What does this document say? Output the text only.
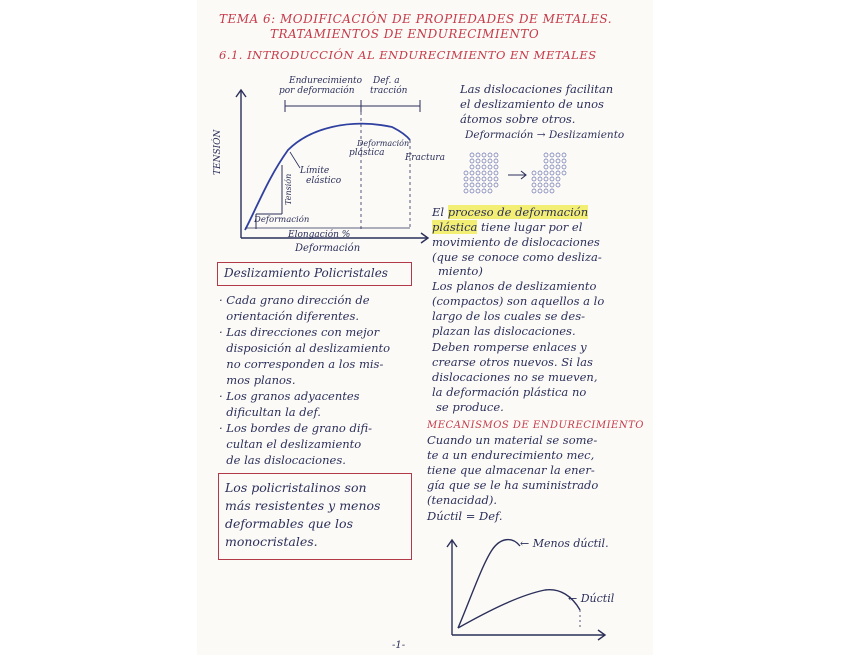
TEMA 6: MODIFICACIÓN DE PROPIEDADES DE METALES.
TRATAMIENTOS DE ENDURECIMIENTO
6.1. INTRODUCCIÓN AL ENDURECIMIENTO EN METALES
Endurecimiento
por deformación
Def. a
tracción
TENSIÓN
Tensión
Límite
elástico
Deformación
plástica Fractura
Deformación
Elongación %
Deformación
Las dislocaciones facilitan
el deslizamiento de unos
átomos sobre otros.
Deformación → Deslizamiento
El proceso de deformación
plástica tiene lugar por el
movimiento de dislocaciones
(que se conoce como desliza-
miento)
Los planos de deslizamiento
(compactos) son aquellos a lo
largo de los cuales se des-
plazan las dislocaciones.
Deben romperse enlaces y
crearse otros nuevos. Si las
dislocaciones no se mueven,
la deformación plástica no
se produce.
Deslizamiento Policristales
· Cada grano dirección de
orientación diferentes.
· Las direcciones con mejor
disposición al deslizamiento
no corresponden a los mis-
mos planos.
· Los granos adyacentes
dificultan la def.
· Los bordes de grano difi-
cultan el deslizamiento
de las dislocaciones.
Los policristalinos son
más resistentes y menos
deformables que los
monocristales.
MECANISMOS DE ENDURECIMIENTO
Cuando un material se some-
te a un endurecimiento mec,
tiene que almacenar la ener-
gía que se le ha suministrado
(tenacidad).
Dúctil = Def.
← Menos dúctil.
← Dúctil
-1-
